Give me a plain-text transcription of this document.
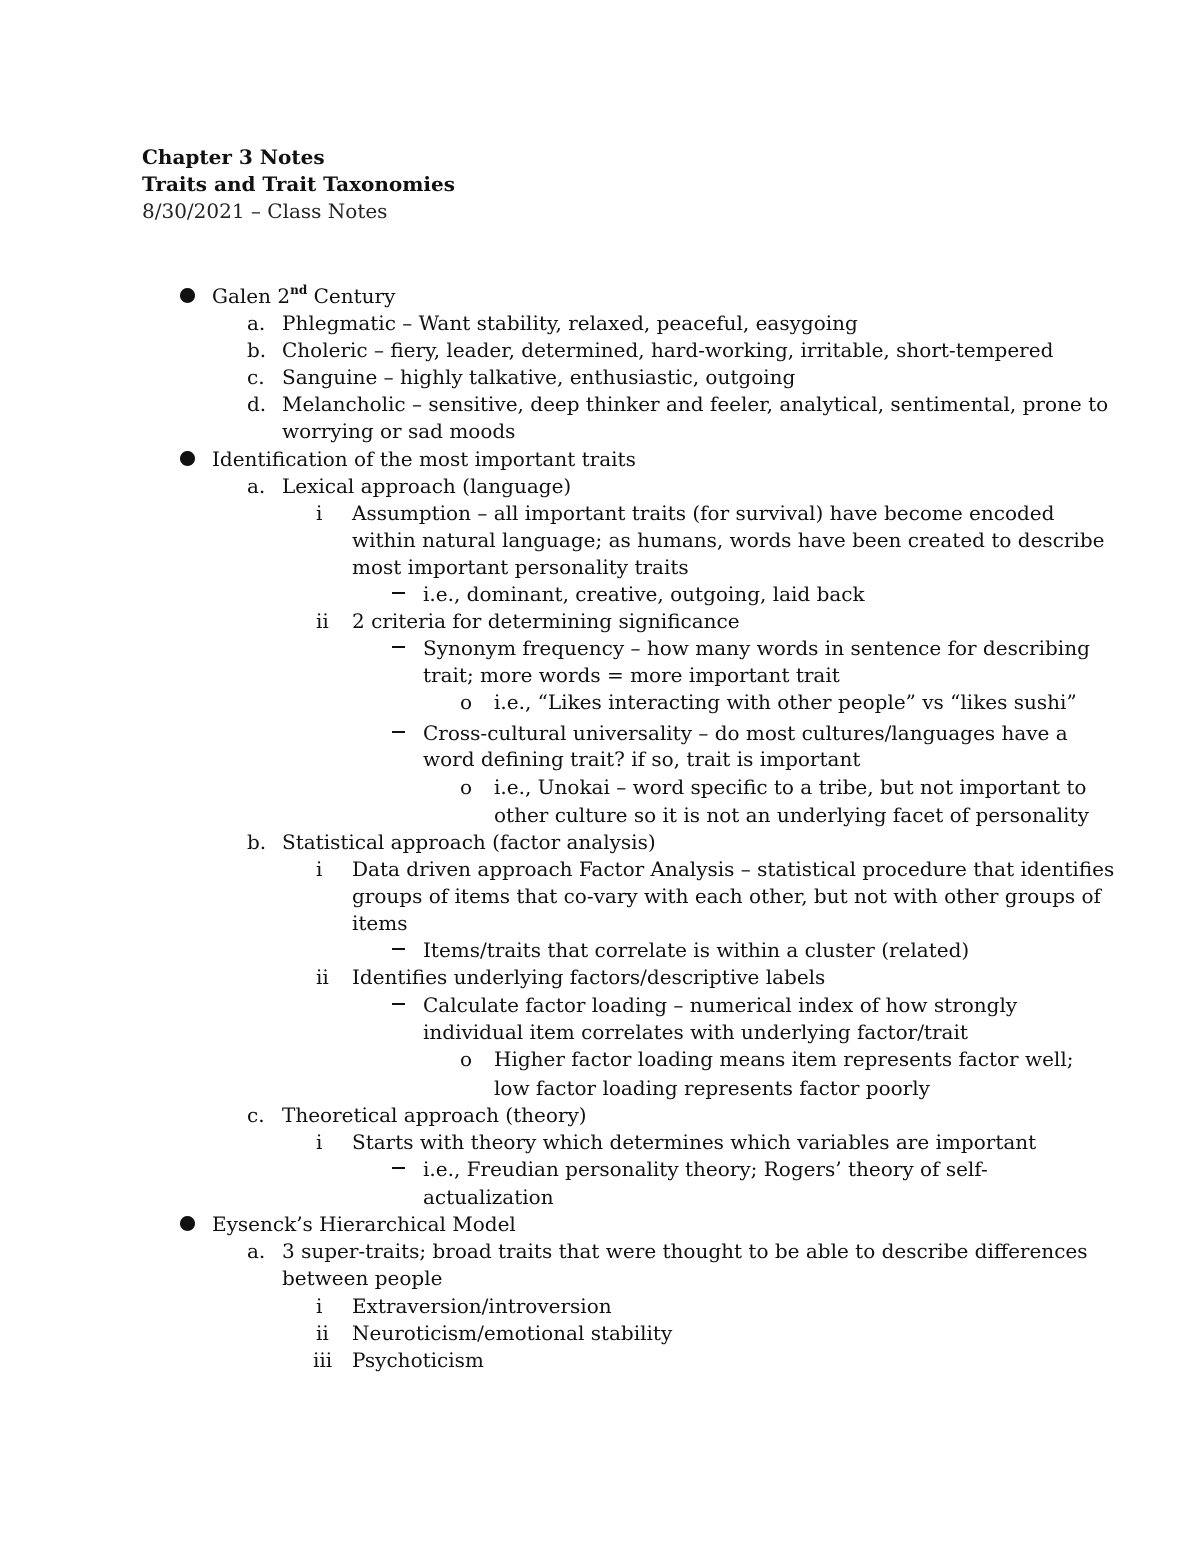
Chapter 3 Notes
Traits and Trait Taxonomies
8/30/2021 – Class Notes
Galen 2nd Century
a. Phlegmatic – Want stability, relaxed, peaceful, easygoing
b. Choleric – fiery, leader, determined, hard-working, irritable, short-tempered
c. Sanguine – highly talkative, enthusiastic, outgoing
d. Melancholic – sensitive, deep thinker and feeler, analytical, sentimental, prone to
worrying or sad moods
Identification of the most important traits
a. Lexical approach (language)
i Assumption – all important traits (for survival) have become encoded
within natural language; as humans, words have been created to describe
most important personality traits
i.e., dominant, creative, outgoing, laid back
ii 2 criteria for determining significance
Synonym frequency – how many words in sentence for describing
trait; more words = more important trait
o i.e., “Likes interacting with other people” vs “likes sushi”
Cross-cultural universality – do most cultures/languages have a
word defining trait? if so, trait is important
o i.e., Unokai – word specific to a tribe, but not important to
other culture so it is not an underlying facet of personality
b. Statistical approach (factor analysis)
i Data driven approach Factor Analysis – statistical procedure that identifies
groups of items that co-vary with each other, but not with other groups of
items
Items/traits that correlate is within a cluster (related)
ii Identifies underlying factors/descriptive labels
Calculate factor loading – numerical index of how strongly
individual item correlates with underlying factor/trait
o Higher factor loading means item represents factor well;
low factor loading represents factor poorly
c. Theoretical approach (theory)
i Starts with theory which determines which variables are important
i.e., Freudian personality theory; Rogers’ theory of self-
actualization
Eysenck’s Hierarchical Model
a. 3 super-traits; broad traits that were thought to be able to describe differences
between people
i Extraversion/introversion
ii Neuroticism/emotional stability
iii Psychoticism
